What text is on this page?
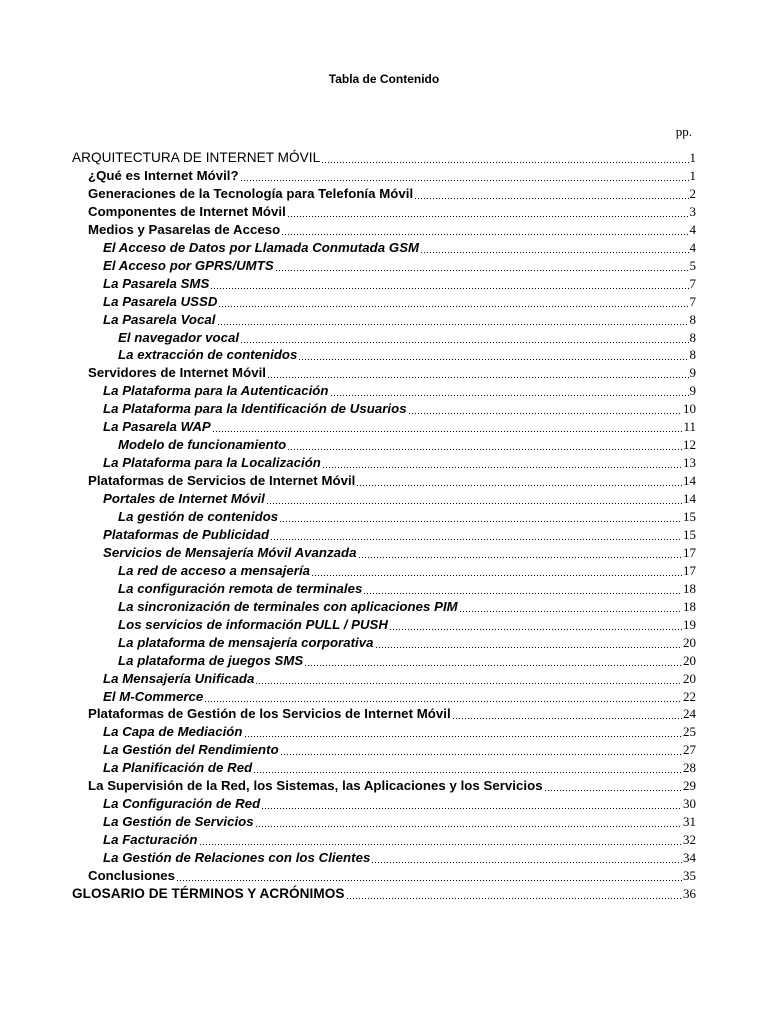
Tabla de Contenido
pp.
ARQUITECTURA DE INTERNET MÓVIL	1
¿Qué es Internet Móvil?	1
Generaciones de la Tecnología para Telefonía Móvil	2
Componentes de Internet Móvil	3
Medios y Pasarelas de Acceso	4
El Acceso de Datos por Llamada Conmutada GSM	4
El Acceso por GPRS/UMTS	5
La Pasarela SMS	7
La Pasarela USSD	7
La Pasarela Vocal	8
El navegador vocal	8
La extracción de contenidos	8
Servidores de Internet Móvil	9
La Plataforma para la Autenticación	9
La Plataforma para la Identificación de Usuarios	10
La Pasarela WAP	11
Modelo de funcionamiento	12
La Plataforma para la Localización	13
Plataformas de Servicios de Internet Móvil	14
Portales de Internet Móvil	14
La gestión de contenidos	15
Plataformas de Publicidad	15
Servicios de Mensajería Móvil Avanzada	17
La red de acceso a mensajería	17
La configuración remota de terminales	18
La sincronización de terminales con aplicaciones PIM	18
Los servicios de información PULL / PUSH	19
La plataforma de mensajería corporativa	20
La plataforma de juegos SMS	20
La Mensajería Unificada	20
El M-Commerce	22
Plataformas de Gestión de los Servicios de Internet Móvil	24
La Capa de Mediación	25
La Gestión del Rendimiento	27
La Planificación de Red	28
La Supervisión de la Red, los Sistemas, las Aplicaciones y los Servicios	29
La Configuración de Red	30
La Gestión de Servicios	31
La Facturación	32
La Gestión de Relaciones con los Clientes	34
Conclusiones	35
GLOSARIO DE TÉRMINOS Y ACRÓNIMOS	36
